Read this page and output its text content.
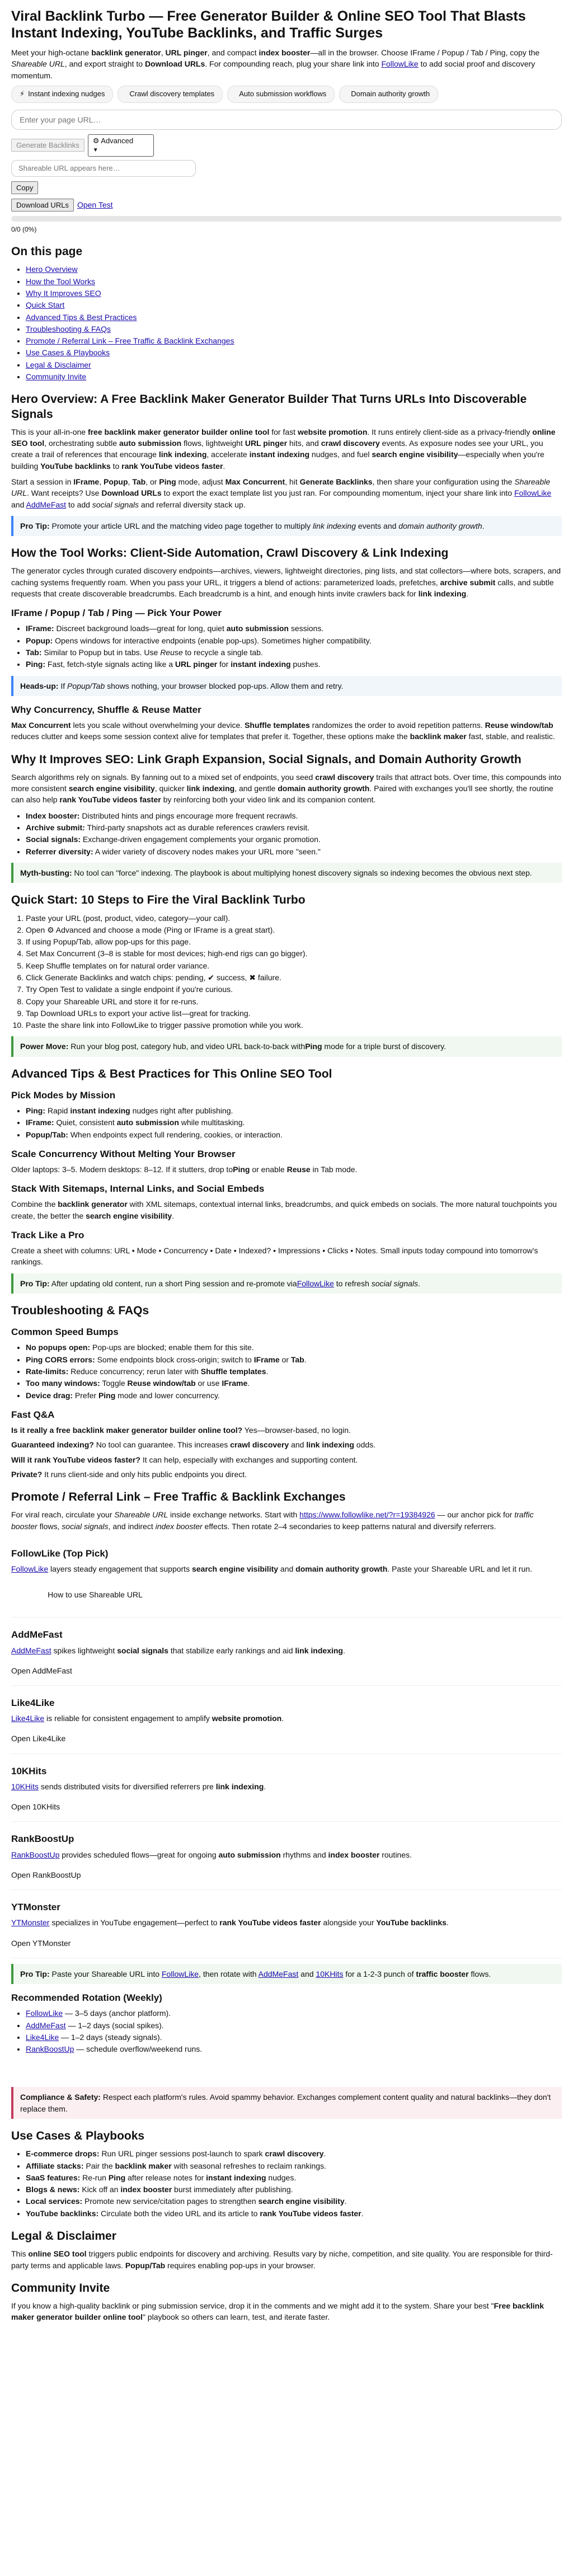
Viral Backlink Turbo — Free Generator Builder & Online SEO Tool That Blasts Instant Indexing, YouTube Backlinks, and Traffic Surges

Meet your high-octane backlink generator, URL pinger, and compact index booster—all in the browser. Choose IFrame / Popup / Tab / Ping, copy the Shareable URL, and export straight to Download URLs. For compounding reach, plug your share link into FollowLike to add social proof and discovery momentum.

⚡ Instant indexing nudges	Crawl discovery templates	Auto submission workflows	Domain authority growth
Enter your page URL…
Generate Backlinks
⚙ Advanced
▼
Shareable URL appears here…
Copy
Download URLs	Open Test
0/0 (0%)
On this page
• Hero Overview
• How the Tool Works
• Why It Improves SEO
• Quick Start
• Advanced Tips & Best Practices
• Troubleshooting & FAQs
• Promote / Referral Link – Free Traffic & Backlink Exchanges
• Use Cases & Playbooks
• Legal & Disclaimer
• Community Invite
Hero Overview: A Free Backlink Maker Generator Builder That Turns URLs Into Discoverable Signals

This is your all-in-one free backlink maker generator builder online tool for fast website promotion. It runs entirely client-side as a privacy-friendly online SEO tool, orchestrating subtle auto submission flows, lightweight URL pinger hits, and crawl discovery events. As exposure nodes see your URL, you create a trail of references that encourage link indexing, accelerate instant indexing nudges, and fuel search engine visibility—especially when you're building YouTube backlinks to rank YouTube videos faster.

Start a session in IFrame, Popup, Tab, or Ping mode, adjust Max Concurrent, hit Generate Backlinks, then share your configuration using the Shareable URL. Want receipts? Use Download URLs to export the exact template list you just ran. For compounding momentum, inject your share link into FollowLike and AddMeFast to add social signals and referral diversity stack up.

Pro Tip: Promote your article URL and the matching video page together to multiply link indexing events and domain authority growth.
How the Tool Works: Client-Side Automation, Crawl Discovery & Link Indexing

The generator cycles through curated discovery endpoints—archives, viewers, lightweight directories, ping lists, and stat collectors—where bots, scrapers, and caching systems frequently roam. When you pass your URL, it triggers a blend of actions: parameterized loads, prefetches, archive submit calls, and subtle requests that create discoverable breadcrumbs. Each breadcrumb is a hint, and enough hints invite crawlers back for link indexing.

IFrame / Popup / Tab / Ping — Pick Your Power
• IFrame: Discreet background loads—great for long, quiet auto submission sessions.
• Popup: Opens windows for interactive endpoints (enable pop-ups). Sometimes higher compatibility.
• Tab: Similar to Popup but in tabs. Use Reuse to recycle a single tab.
• Ping: Fast, fetch-style signals acting like a URL pinger for instant indexing pushes.
Heads-up: If Popup/Tab shows nothing, your browser blocked pop-ups. Allow them and retry.
Why Concurrency, Shuffle & Reuse Matter

Max Concurrent lets you scale without overwhelming your device. Shuffle templates randomizes the order to avoid repetition patterns. Reuse window/tab reduces clutter and keeps some session context alive for templates that prefer it. Together, these options make the backlink maker fast, stable, and realistic.

Why It Improves SEO: Link Graph Expansion, Social Signals, and Domain Authority Growth

Search algorithms rely on signals. By fanning out to a mixed set of endpoints, you seed crawl discovery trails that attract bots. Over time, this compounds into more consistent search engine visibility, quicker link indexing, and gentle domain authority growth. Paired with exchanges you'll see shortly, the routine can also help rank YouTube videos faster by reinforcing both your video link and its companion content.

• Index booster: Distributed hints and pings encourage more frequent recrawls.
• Archive submit: Third-party snapshots act as durable references crawlers revisit.
• Social signals: Exchange-driven engagement complements your organic promotion.
• Referrer diversity: A wider variety of discovery nodes makes your URL more "seen."
Myth-busting: No tool can "force" indexing. The playbook is about multiplying honest discovery signals so indexing becomes the obvious next step.
Quick Start: 10 Steps to Fire the Viral Backlink Turbo
1. Paste your URL (post, product, video, category—your call).
2. Open ⚙ Advanced and choose a mode (Ping or IFrame is a great start).
3. If using Popup/Tab, allow pop-ups for this page.
4. Set Max Concurrent (3–8 is stable for most devices; high-end rigs can go bigger).
5. Keep Shuffle templates on for natural order variance.
6. Click Generate Backlinks and watch chips: pending, ✔ success, ✖ failure.
7. Try Open Test to validate a single endpoint if you're curious.
8. Copy your Shareable URL and store it for re-runs.
9. Tap Download URLs to export your active list—great for tracking.
10. Paste the share link into FollowLike to trigger passive promotion while you work.
Power Move: Run your blog post, category hub, and video URL back-to-back withPing mode for a triple burst of discovery.
Advanced Tips & Best Practices for This Online SEO Tool
Pick Modes by Mission
• Ping: Rapid instant indexing nudges right after publishing.
• IFrame: Quiet, consistent auto submission while multitasking.
• Popup/Tab: When endpoints expect full rendering, cookies, or interaction.
Scale Concurrency Without Melting Your Browser

Older laptops: 3–5. Modern desktops: 8–12. If it stutters, drop toPing or enable Reuse in Tab mode.

Stack With Sitemaps, Internal Links, and Social Embeds

Combine the backlink generator with XML sitemaps, contextual internal links, breadcrumbs, and quick embeds on socials. The more natural touchpoints you create, the better the search engine visibility.

Track Like a Pro

Create a sheet with columns: URL • Mode • Concurrency • Date • Indexed? • Impressions • Clicks • Notes. Small inputs today compound into tomorrow's rankings.

Pro Tip: After updating old content, run a short Ping session and re-promote viaFollowLike to refresh social signals.
Troubleshooting & FAQs
Common Speed Bumps
• No popups open: Pop-ups are blocked; enable them for this site.
• Ping CORS errors: Some endpoints block cross-origin; switch to IFrame or Tab.
• Rate-limits: Reduce concurrency; rerun later with Shuffle templates.
• Too many windows: Toggle Reuse window/tab or use IFrame.
• Device drag: Prefer Ping mode and lower concurrency.
Fast Q&A

Is it really a free backlink maker generator builder online tool? Yes—browser-based, no login.

Guaranteed indexing? No tool can guarantee. This increases crawl discovery and link indexing odds.

Will it rank YouTube videos faster? It can help, especially with exchanges and supporting content.

Private? It runs client-side and only hits public endpoints you direct.

Promote / Referral Link – Free Traffic & Backlink Exchanges

For viral reach, circulate your Shareable URL inside exchange networks. Start with https://www.followlike.net/?r=19384926 — our anchor pick for traffic booster flows, social signals, and indirect index booster effects. Then rotate 2–4 secondaries to keep patterns natural and diversify referrers.

FollowLike (Top Pick)

FollowLike layers steady engagement that supports search engine visibility and domain authority growth. Paste your Shareable URL and let it run.

How to use Shareable URL
AddMeFast

AddMeFast spikes lightweight social signals that stabilize early rankings and aid link indexing.

Open AddMeFast
Like4Like

Like4Like is reliable for consistent engagement to amplify website promotion.

Open Like4Like
10KHits

10KHits sends distributed visits for diversified referrers pre link indexing.

Open 10KHits
RankBoostUp

RankBoostUp provides scheduled flows—great for ongoing auto submission rhythms and index booster routines.

Open RankBoostUp
YTMonster

YTMonster specializes in YouTube engagement—perfect to rank YouTube videos faster alongside your YouTube backlinks.

Open YTMonster
Pro Tip: Paste your Shareable URL into FollowLike, then rotate with AddMeFast and 10KHits for a 1-2-3 punch of traffic booster flows.
Recommended Rotation (Weekly)
• FollowLike — 3–5 days (anchor platform).
• AddMeFast — 1–2 days (social spikes).
• Like4Like — 1–2 days (steady signals).
• RankBoostUp — schedule overflow/weekend runs.
Compliance & Safety: Respect each platform's rules. Avoid spammy behavior. Exchanges complement content quality and natural backlinks—they don't replace them.
Use Cases & Playbooks
• E-commerce drops: Run URL pinger sessions post-launch to spark crawl discovery.
• Affiliate stacks: Pair the backlink maker with seasonal refreshes to reclaim rankings.
• SaaS features: Re-run Ping after release notes for instant indexing nudges.
• Blogs & news: Kick off an index booster burst immediately after publishing.
• Local services: Promote new service/citation pages to strengthen search engine visibility.
• YouTube backlinks: Circulate both the video URL and its article to rank YouTube videos faster.
Legal & Disclaimer

This online SEO tool triggers public endpoints for discovery and archiving. Results vary by niche, competition, and site quality. You are responsible for third-party terms and applicable laws. Popup/Tab requires enabling pop-ups in your browser.

Community Invite

If you know a high-quality backlink or ping submission service, drop it in the comments and we might add it to the system. Share your best "Free backlink maker generator builder online tool" playbook so others can learn, test, and iterate faster.
